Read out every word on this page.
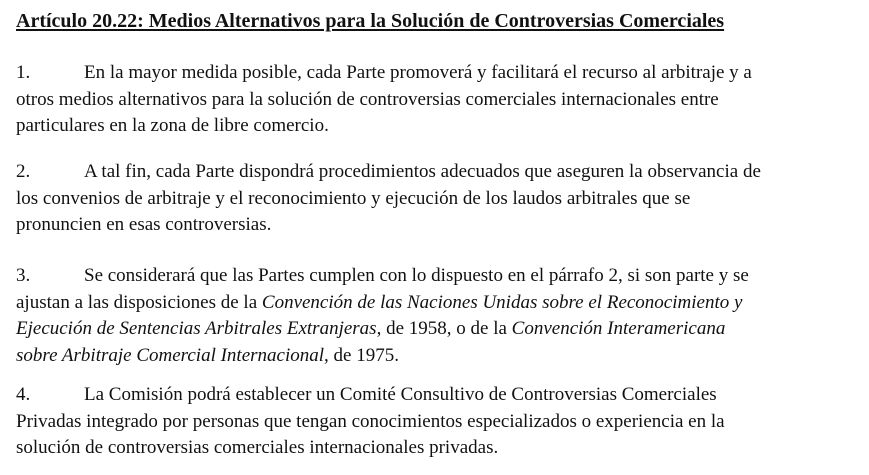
Artículo 20.22: Medios Alternativos para la Solución de Controversias Comerciales
1.	En la mayor medida posible, cada Parte promoverá y facilitará el recurso al arbitraje y a
otros medios alternativos para la solución de controversias comerciales internacionales entre
particulares en la zona de libre comercio.
2.	A tal fin, cada Parte dispondrá procedimientos adecuados que aseguren la observancia de
los convenios de arbitraje y el reconocimiento y ejecución de los laudos arbitrales que se
pronuncien en esas controversias.
3.	Se considerará que las Partes cumplen con lo dispuesto en el párrafo 2, si son parte y se
ajustan a las disposiciones de la Convención de las Naciones Unidas sobre el Reconocimiento y
Ejecución de Sentencias Arbitrales Extranjeras, de 1958, o de la Convención Interamericana
sobre Arbitraje Comercial Internacional, de 1975.
4.	La Comisión podrá establecer un Comité Consultivo de Controversias Comerciales
Privadas integrado por personas que tengan conocimientos especializados o experiencia en la
solución de controversias comerciales internacionales privadas.
